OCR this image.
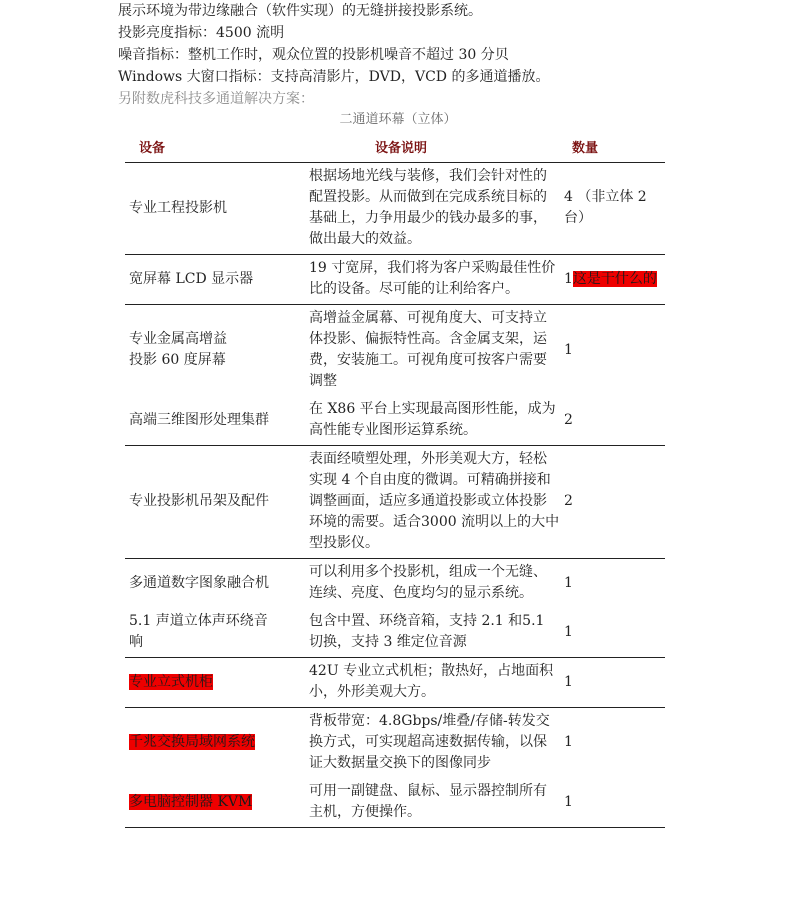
展示环境为带边缘融合（软件实现）的无缝拼接投影系统。

投影亮度指标：4500 流明

噪音指标：整机工作时，观众位置的投影机噪音不超过 30 分贝

Windows 大窗口指标：支持高清影片，DVD，VCD 的多通道播放。

另附数虎科技多通道解决方案：

二通道环幕（立体）
设备	设备说明	数量
专业工程投影机	根据场地光线与装修，我们会针对性的配置投影。从而做到在完成系统目标的基础上，力争用最少的钱办最多的事，做出最大的效益。	4 （非立体 2 台）
宽屏幕 LCD 显示器	19 寸宽屏，我们将为客户采购最佳性价比的设备。尽可能的让利给客户。	1这是干什么的
专业金属高增益
投影 60 度屏幕	高增益金属幕、可视角度大、可支持立体投影、偏振特性高。含金属支架，运费，安装施工。可视角度可按客户需要调整	1
高端三维图形处理集群	在 X86 平台上实现最高图形性能，成为高性能专业图形运算系统。	2
专业投影机吊架及配件	表面经喷塑处理，外形美观大方，轻松实现 4 个自由度的微调。可精确拼接和调整画面，适应多通道投影或立体投影环境的需要。适合3000 流明以上的大中型投影仪。	2
多通道数字图象融合机	可以利用多个投影机，组成一个无缝、连续、亮度、色度均匀的显示系统。	1
5.1 声道立体声环绕音
响	包含中置、环绕音箱，支持 2.1 和5.1 切换，支持 3 维定位音源	1
专业立式机柜	42U 专业立式机柜；散热好，占地面积小，外形美观大方。	1
千兆交换局域网系统	背板带宽：4.8Gbps/堆叠/存储-转发交换方式，可实现超高速数据传输，以保证大数据量交换下的图像同步	1
多电脑控制器 KVM	可用一副键盘、鼠标、显示器控制所有主机，方便操作。	1
